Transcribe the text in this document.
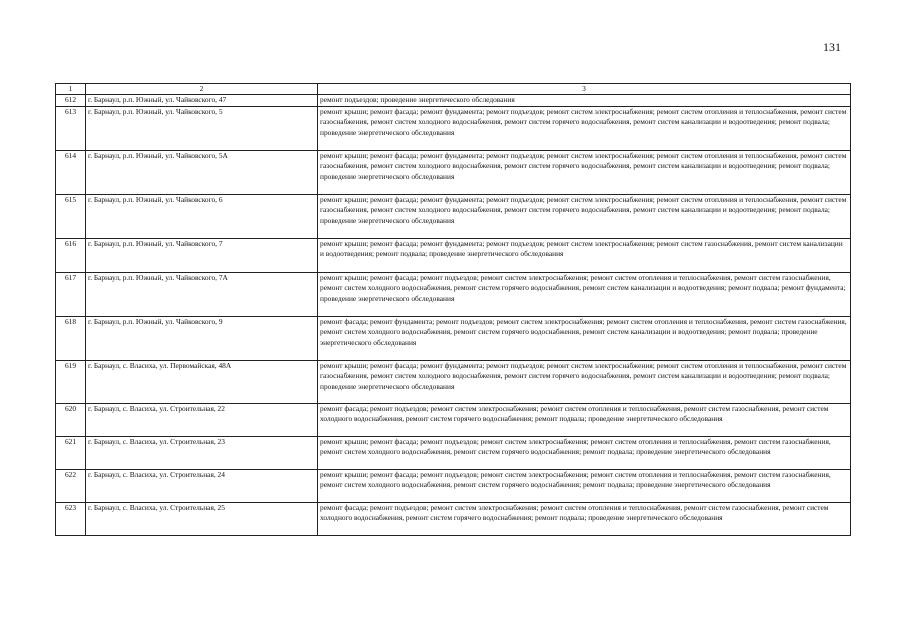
131
1	2	3
612	г. Барнаул, р.п. Южный, ул. Чайковского, 47	ремонт подъездов; проведение энергетического обследования
613	г. Барнаул, р.п. Южный, ул. Чайковского, 5	ремонт крыши; ремонт фасада; ремонт фундамента; ремонт подъездов; ремонт систем электроснабжения; ремонт систем отопления и теплоснабжения, ремонт систем газоснабжения, ремонт систем холодного водоснабжения, ремонт систем горячего водоснабжения, ремонт систем канализации и водоотведения; ремонт подвала; проведение энергетического обследования
614	г. Барнаул, р.п. Южный, ул. Чайковского, 5А	ремонт крыши; ремонт фасада; ремонт фундамента; ремонт подъездов; ремонт систем электроснабжения; ремонт систем отопления и теплоснабжения, ремонт систем газоснабжения, ремонт систем холодного водоснабжения, ремонт систем горячего водоснабжения, ремонт систем канализации и водоотведения; ремонт подвала; проведение энергетического обследования
615	г. Барнаул, р.п. Южный, ул. Чайковского, 6	ремонт крыши; ремонт фасада; ремонт фундамента; ремонт подъездов; ремонт систем электроснабжения; ремонт систем отопления и теплоснабжения, ремонт систем газоснабжения, ремонт систем холодного водоснабжения, ремонт систем горячего водоснабжения, ремонт систем канализации и водоотведения; ремонт подвала; проведение энергетического обследования
616	г. Барнаул, р.п. Южный, ул. Чайковского, 7	ремонт крыши; ремонт фасада; ремонт фундамента; ремонт подъездов; ремонт систем электроснабжения; ремонт систем газоснабжения, ремонт систем канализации и водоотведения; ремонт подвала; проведение энергетического обследования
617	г. Барнаул, р.п. Южный, ул. Чайковского, 7А	ремонт крыши; ремонт фасада; ремонт подъездов; ремонт систем электроснабжения; ремонт систем отопления и теплоснабжения, ремонт систем газоснабжения, ремонт систем холодного водоснабжения, ремонт систем горячего водоснабжения, ремонт систем канализации и водоотведения; ремонт подвала; ремонт фундамента; проведение энергетического обследования
618	г. Барнаул, р.п. Южный, ул. Чайковского, 9	ремонт фасада; ремонт фундамента; ремонт подъездов; ремонт систем электроснабжения; ремонт систем отопления и теплоснабжения, ремонт систем газоснабжения, ремонт систем холодного водоснабжения, ремонт систем горячего водоснабжения, ремонт систем канализации и водоотведения; ремонт подвала; проведение энергетического обследования
619	г. Барнаул, с. Власиха, ул. Первомайская, 48А	ремонт крыши; ремонт фасада; ремонт фундамента; ремонт подъездов; ремонт систем электроснабжения; ремонт систем отопления и теплоснабжения, ремонт систем газоснабжения, ремонт систем холодного водоснабжения, ремонт систем горячего водоснабжения, ремонт систем канализации и водоотведения; ремонт подвала; проведение энергетического обследования
620	г. Барнаул, с. Власиха, ул. Строительная, 22	ремонт фасада; ремонт подъездов; ремонт систем электроснабжения; ремонт систем отопления и теплоснабжения, ремонт систем газоснабжения, ремонт систем холодного водоснабжения, ремонт систем горячего водоснабжения; ремонт подвала; проведение энергетического обследования
621	г. Барнаул, с. Власиха, ул. Строительная, 23	ремонт крыши; ремонт фасада; ремонт подъездов; ремонт систем электроснабжения; ремонт систем отопления и теплоснабжения, ремонт систем газоснабжения, ремонт систем холодного водоснабжения, ремонт систем горячего водоснабжения; ремонт подвала; проведение энергетического обследования
622	г. Барнаул, с. Власиха, ул. Строительная, 24	ремонт крыши; ремонт фасада; ремонт подъездов; ремонт систем электроснабжения; ремонт систем отопления и теплоснабжения, ремонт систем газоснабжения, ремонт систем холодного водоснабжения, ремонт систем горячего водоснабжения; ремонт подвала; проведение энергетического обследования
623	г. Барнаул, с. Власиха, ул. Строительная, 25	ремонт фасада; ремонт подъездов; ремонт систем электроснабжения; ремонт систем отопления и теплоснабжения, ремонт систем газоснабжения, ремонт систем холодного водоснабжения, ремонт систем горячего водоснабжения; ремонт подвала; проведение энергетического обследования
